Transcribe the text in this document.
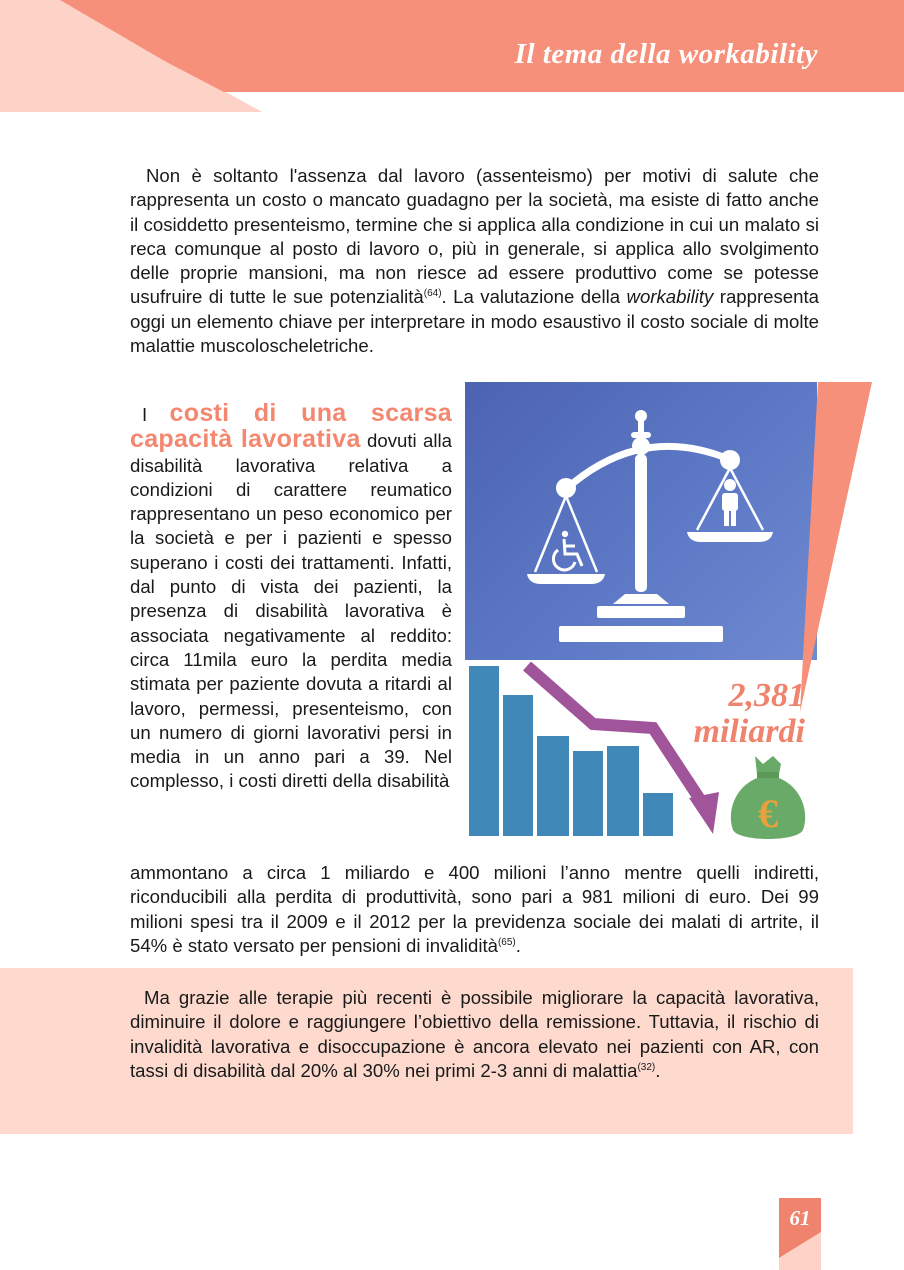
Il tema della workability

Non è soltanto l'assenza dal lavoro (assenteismo) per motivi di salute che rappresenta un costo o mancato guadagno per la società, ma esiste di fatto anche il cosiddetto presenteismo, termine che si applica alla condizione in cui un malato si reca comunque al posto di lavoro o, più in generale, si applica allo svolgimento delle proprie mansioni, ma non riesce ad essere produttivo come se potesse usufruire di tutte le sue potenzialità$^{(64)}$. La valutazione della workability rappresenta oggi un elemento chiave per interpretare in modo esaustivo il costo sociale di molte malattie muscoloscheletriche.

2,381
miliardi
€

I costi di una scarsa capacità lavorativa dovuti alla disabilità lavorativa relativa a condizioni di carattere reumatico rappresentano un peso economico per la società e per i pazienti e spesso superano i costi dei trattamenti. Infatti, dal punto di vista dei pazienti, la presenza di disabilità lavorativa è associata negativamente al reddito: circa 11mila euro la perdita media stimata per paziente dovuta a ritardi al lavoro, permessi, presenteismo, con un numero di giorni lavorativi persi in media in un anno pari a 39. Nel complesso, i costi diretti della disabilità

ammontano a circa 1 miliardo e 400 milioni l’anno mentre quelli indiretti, riconducibili alla perdita di produttività, sono pari a 981 milioni di euro. Dei 99 milioni spesi tra il 2009 e il 2012 per la previdenza sociale dei malati di artrite, il 54% è stato versato per pensioni di invalidità$^{(65)}$.

Ma grazie alle terapie più recenti è possibile migliorare la capacità lavorativa, diminuire il dolore e raggiungere l’obiettivo della remissione. Tuttavia, il rischio di invalidità lavorativa e disoccupazione è ancora elevato nei pazienti con AR, con tassi di disabilità dal 20% al 30% nei primi 2-3 anni di malattia$^{(32)}$.

61
